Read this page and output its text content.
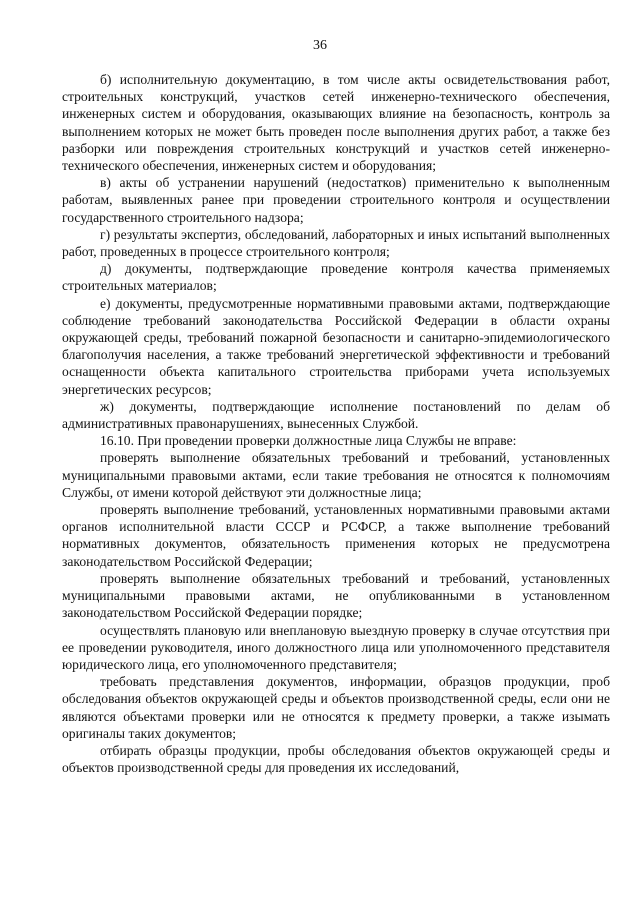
36

б) исполнительную документацию, в том числе акты освидетельствования работ, строительных конструкций, участков сетей инженерно-технического обеспечения, инженерных систем и оборудования, оказывающих влияние на безопасность, контроль за выполнением которых не может быть проведен после выполнения других работ, а также без разборки или повреждения строительных конструкций и участков сетей инженерно-технического обеспечения, инженерных систем и оборудования;

в) акты об устранении нарушений (недостатков) применительно к выполненным работам, выявленных ранее при проведении строительного контроля и осуществлении государственного строительного надзора;

г) результаты экспертиз, обследований, лабораторных и иных испытаний выполненных работ, проведенных в процессе строительного контроля;

д) документы, подтверждающие проведение контроля качества применяемых строительных материалов;

е) документы, предусмотренные нормативными правовыми актами, подтверждающие соблюдение требований законодательства Российской Федерации в области охраны окружающей среды, требований пожарной безопасности и санитарно-эпидемиологического благополучия населения, а также требований энергетической эффективности и требований оснащенности объекта капитального строительства приборами учета используемых энергетических ресурсов;

ж) документы, подтверждающие исполнение постановлений по делам об административных правонарушениях, вынесенных Службой.

16.10. При проведении проверки должностные лица Службы не вправе:

проверять выполнение обязательных требований и требований, установленных муниципальными правовыми актами, если такие требования не относятся к полномочиям Службы, от имени которой действуют эти должностные лица;

проверять выполнение требований, установленных нормативными правовыми актами органов исполнительной власти СССР и РСФСР, а также выполнение требований нормативных документов, обязательность применения которых не предусмотрена законодательством Российской Федерации;

проверять выполнение обязательных требований и требований, установленных муниципальными правовыми актами, не опубликованными в установленном законодательством Российской Федерации порядке;

осуществлять плановую или внеплановую выездную проверку в случае отсутствия при ее проведении руководителя, иного должностного лица или уполномоченного представителя юридического лица, его уполномоченного представителя;

требовать представления документов, информации, образцов продукции, проб обследования объектов окружающей среды и объектов производственной среды, если они не являются объектами проверки или не относятся к предмету проверки, а также изымать оригиналы таких документов;

отбирать образцы продукции, пробы обследования объектов окружающей среды и объектов производственной среды для проведения их исследований,
